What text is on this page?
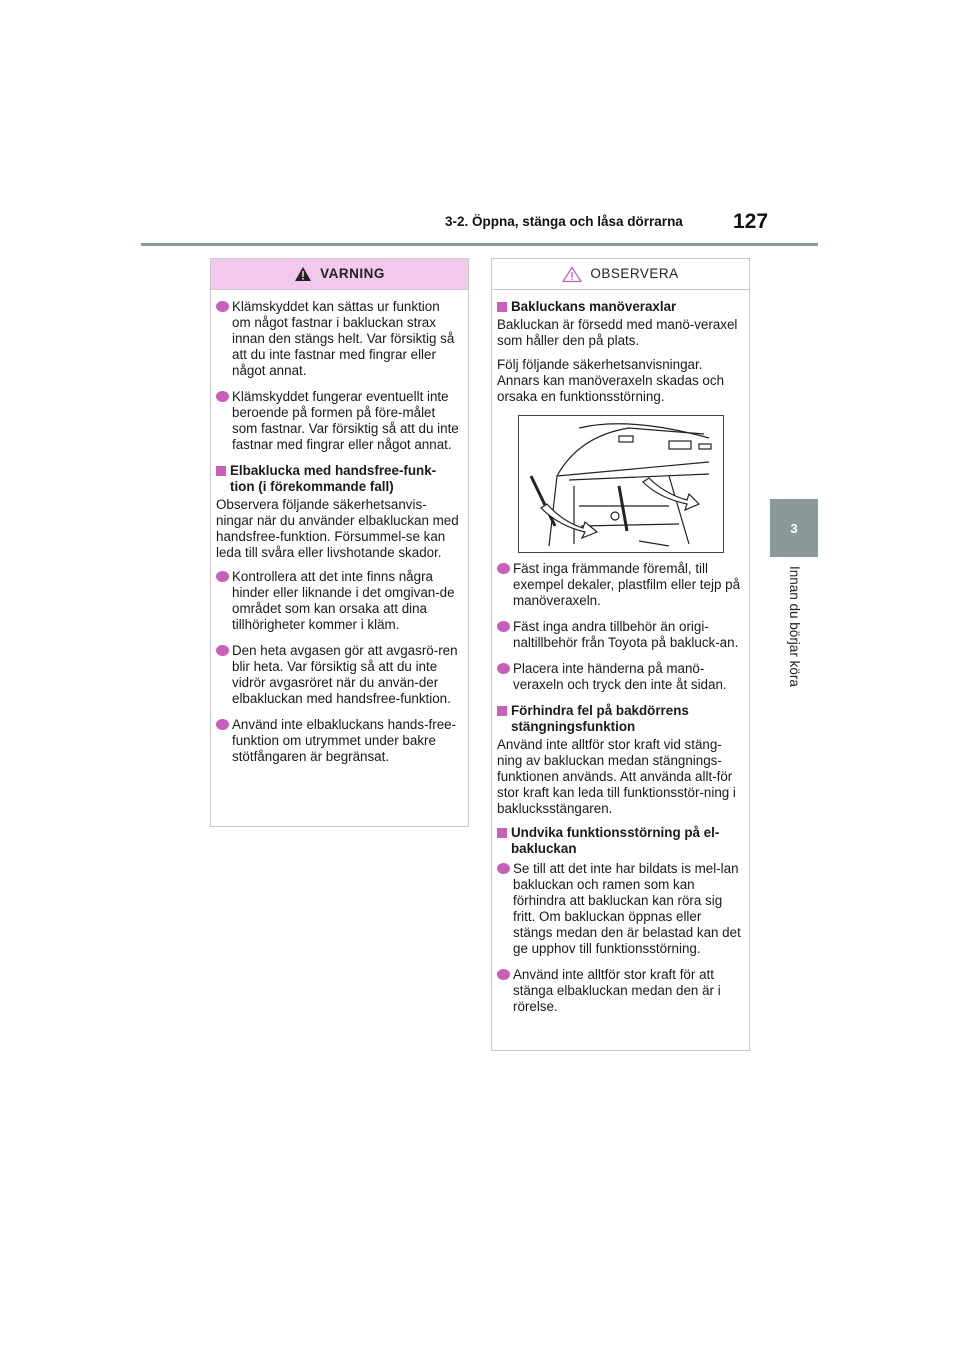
3-2. Öppna, stänga och låsa dörrarna 127
3
Innan du börjar köra
VARNING
Klämskyddet kan sättas ur funktion om något fastnar i bakluckan strax innan den stängs helt. Var försiktig så att du inte fastnar med fingrar eller något annat.
Klämskyddet fungerar eventuellt inte beroende på formen på före-målet som fastnar. Var försiktig så att du inte fastnar med fingrar eller något annat.
Elbaklucka med handsfree-funk-tion (i förekommande fall)
Observera följande säkerhetsanvis-ningar när du använder elbakluckan med handsfree-funktion. Försummel-se kan leda till svåra eller livshotande skador.
Kontrollera att det inte finns några hinder eller liknande i det omgivan-de området som kan orsaka att dina tillhörigheter kommer i kläm.
Den heta avgasen gör att avgasrö-ren blir heta. Var försiktig så att du inte vidrör avgasröret när du använ-der elbakluckan med handsfree-funktion.
Använd inte elbakluckans hands-free-funktion om utrymmet under bakre stötfångaren är begränsat.
OBSERVERA
Bakluckans manöveraxlar
Bakluckan är försedd med manö-veraxel som håller den på plats.
Följ följande säkerhetsanvisningar. Annars kan manöveraxeln skadas och orsaka en funktionsstörning.
Fäst inga främmande föremål, till exempel dekaler, plastfilm eller tejp på manöveraxeln.
Fäst inga andra tillbehör än origi-naltillbehör från Toyota på bakluck-an.
Placera inte händerna på manö-veraxeln och tryck den inte åt sidan.
Förhindra fel på bakdörrens stängningsfunktion
Använd inte alltför stor kraft vid stäng-ning av bakluckan medan stängnings-funktionen används. Att använda allt-för stor kraft kan leda till funktionsstör-ning i baklucksstängaren.
Undvika funktionsstörning på el-bakluckan
Se till att det inte har bildats is mel-lan bakluckan och ramen som kan förhindra att bakluckan kan röra sig fritt. Om bakluckan öppnas eller stängs medan den är belastad kan det ge upphov till funktionsstörning.
Använd inte alltför stor kraft för att stänga elbakluckan medan den är i rörelse.
